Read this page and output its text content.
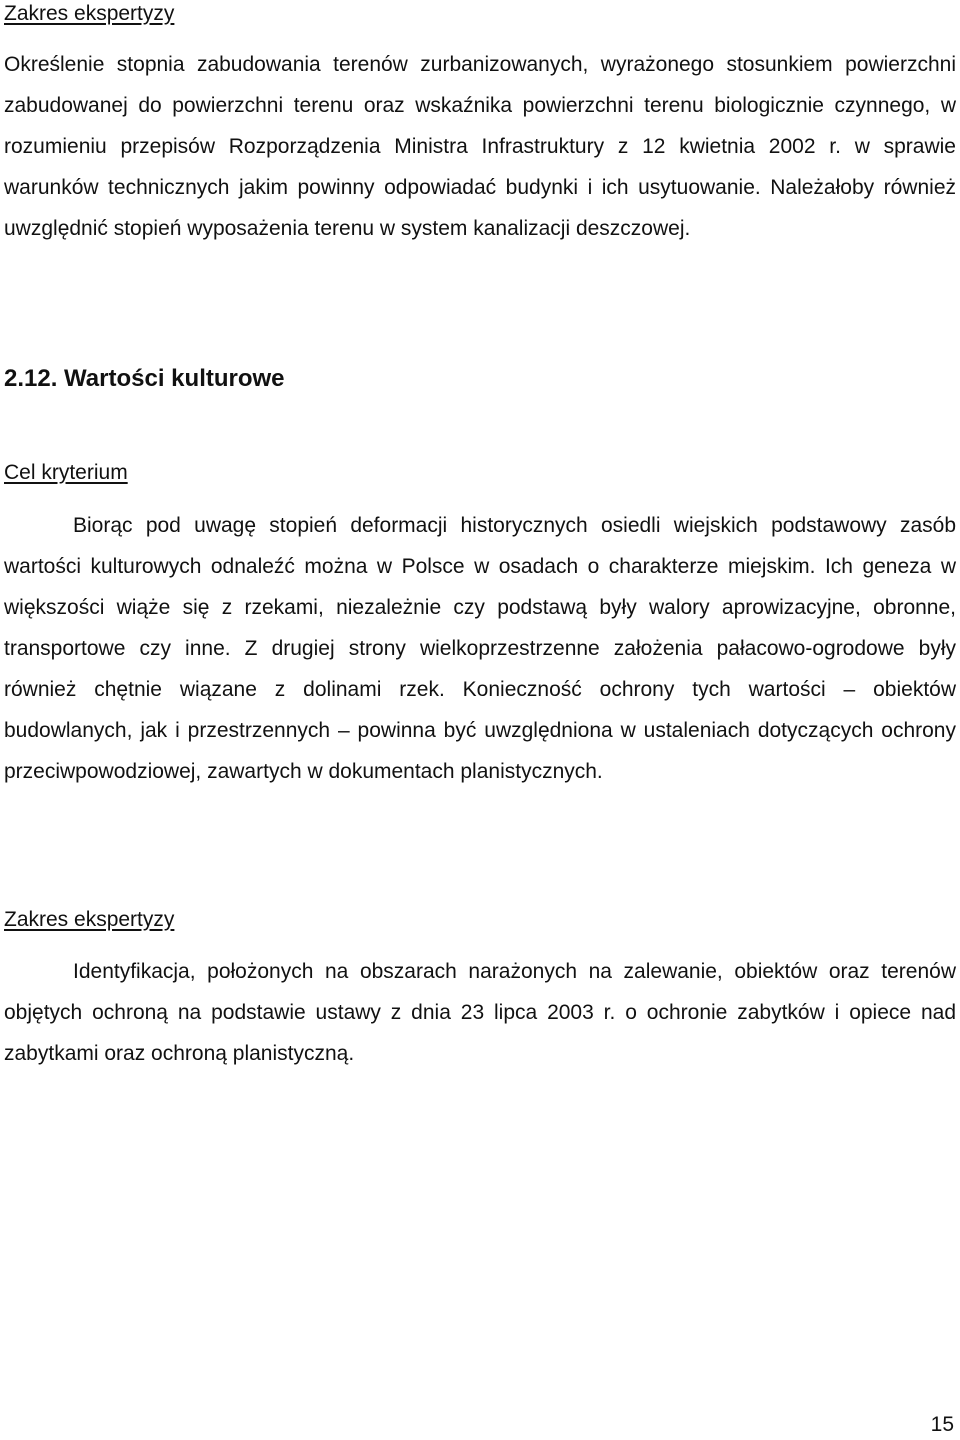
Zakres ekspertyzy

Określenie stopnia zabudowania terenów zurbanizowanych, wyrażonego stosunkiem powierzchni zabudowanej do powierzchni terenu oraz wskaźnika powierzchni terenu biologicznie czynnego, w rozumieniu przepisów Rozporządzenia Ministra Infrastruktury z 12 kwietnia 2002 r. w sprawie warunków technicznych jakim powinny odpowiadać budynki i ich usytuowanie. Należałoby również uwzględnić stopień wyposażenia terenu w system kanalizacji deszczowej.

2.12. Wartości kulturowe
Cel kryterium

Biorąc pod uwagę stopień deformacji historycznych osiedli wiejskich podstawowy zasób wartości kulturowych odnaleźć można w Polsce w osadach o charakterze miejskim. Ich geneza w większości wiąże się z rzekami, niezależnie czy podstawą były walory aprowizacyjne, obronne, transportowe czy inne. Z drugiej strony wielkoprzestrzenne założenia pałacowo-ogrodowe były również chętnie wiązane z dolinami rzek. Konieczność ochrony tych wartości – obiektów budowlanych, jak i przestrzennych – powinna być uwzględniona w ustaleniach dotyczących ochrony przeciwpowodziowej, zawartych w dokumentach planistycznych.

Zakres ekspertyzy

Identyfikacja, położonych na obszarach narażonych na zalewanie, obiektów oraz terenów objętych ochroną na podstawie ustawy z dnia 23 lipca 2003 r. o ochronie zabytków i opiece nad zabytkami oraz ochroną planistyczną.

15
